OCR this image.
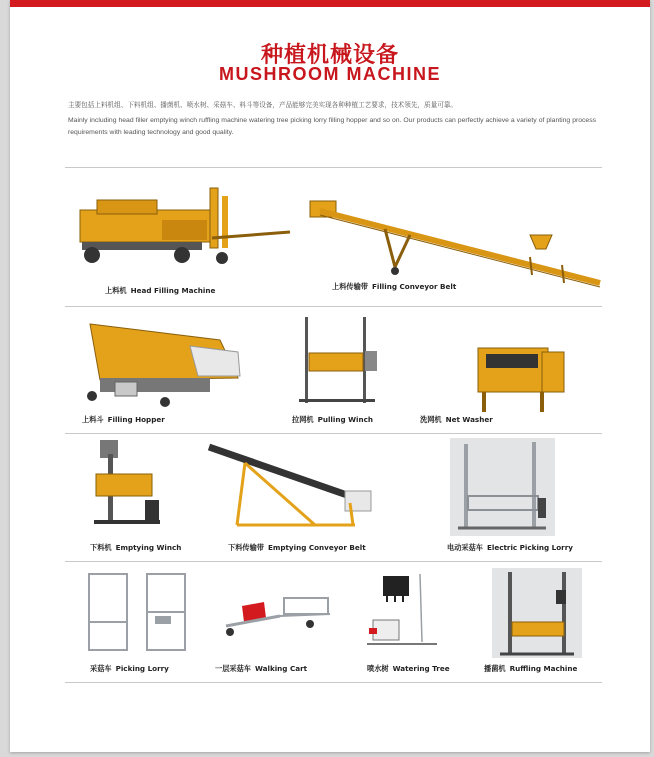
种植机械设备
MUSHROOM MACHINE
主要包括上料机组、下料机组、播菌机、喷水树、采菇车、料斗等设备，产品能够完美实现各种种植工艺要求，技术领先，质量可靠。
Mainly including head filler emptying winch ruffling machine watering tree picking lorry filling hopper and so on. Our products can perfectly achieve a variety of planting process requirements with leading technology and good quality.
上料机 Head Filling Machine	上料传输带 Filling Conveyor Belt
上料斗 Filling Hopper	拉网机 Pulling Winch	洗网机 Net Washer
下料机 Emptying Winch	下料传输带 Emptying Conveyor Belt	电动采菇车 Electric Picking Lorry
采菇车 Picking Lorry	一层采菇车 Walking Cart	喷水树 Watering Tree	播菌机 Ruffling Machine
